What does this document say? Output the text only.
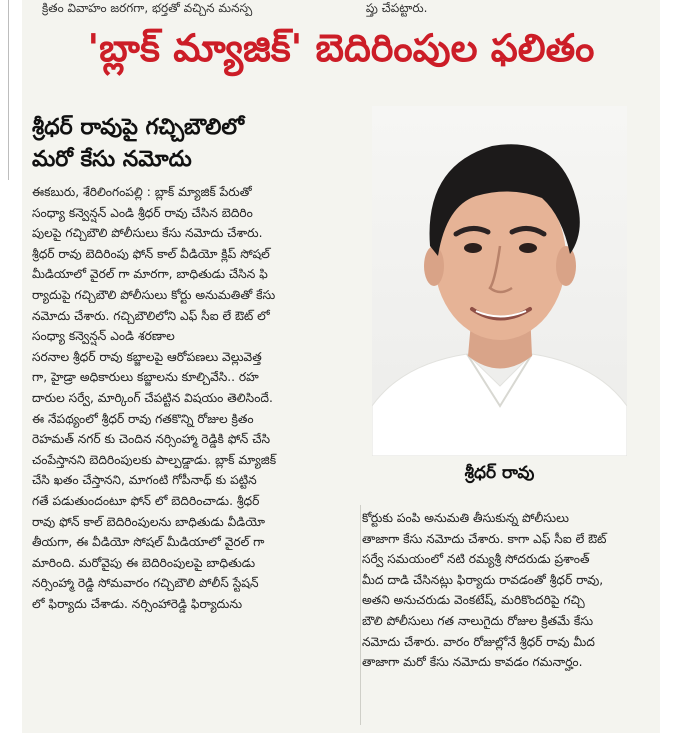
క్రితం వివాహం జరగగా, భర్తతో వచ్చిన మనస్ప	ప్తు చేపట్టారు.
'బ్లాక్ మ్యాజిక్' బెదిరింపుల ఫలితం
శ్రీధర్ రావుపై గచ్చిబౌలిలో
మరో కేసు నమోదు

ఈకబురు, శేరిలింగంపల్లి : బ్లాక్ మ్యాజిక్ పేరుతో
సంధ్యా కన్వెన్షన్ ఎండి శ్రీధర్ రావు చేసిన బెదిరిం
పులపై గచ్చిబౌలి పోలీసులు కేసు నమోదు చేశారు.
శ్రీధర్ రావు బెదిరింపు ఫోన్ కాల్ వీడియో క్లిప్ సోషల్
మీడియాలో వైరల్ గా మారగా, బాధితుడు చేసిన ఫి
ర్యాదుపై గచ్చిబౌలి పోలీసులు కోర్టు అనుమతితో కేసు
నమోదు చేశారు. గచ్చిబౌలిలోని ఎఫ్ సీఐ లే ఔట్ లో
సంధ్యా కన్వెన్షన్ ఎండి శరణాల
సరనాల శ్రీధర్ రావు కబ్జాలపై ఆరోపణలు వెల్లువెత్త
గా, హైడ్రా అధికారులు కబ్జాలను కూల్చివేసి.. రహ
దారుల సర్వే, మార్కింగ్ చేపట్టిన విషయం తెలిసిందే.
ఈ నేపథ్యంలో శ్రీధర్ రావు గతకొన్ని రోజుల క్రితం
రెహమత్ నగర్ కు చెందిన నర్సింహ్మా రెడ్డికి ఫోన్ చేసి
చంపేస్తానని బెదిరింపులకు పాల్పడ్డాడు. బ్లాక్ మ్యాజిక్
చేసి ఖతం చేస్తానని, మాగంటి గోపీనాథ్ కు పట్టిన
గతే పడుతుందంటూ ఫోన్ లో బెదిరించాడు. శ్రీధర్
రావు ఫోన్ కాల్ బెదిరింపులను బాధితుడు వీడియో
తీయగా, ఈ వీడియో సోషల్ మీడియాలో వైరల్ గా
మారింది. మరోవైపు ఈ బెదిరింపులపై బాధితుడు
నర్సింహ్మా రెడ్డి సోమవారం గచ్చిబౌలి పోలీస్ స్టేషన్
లో ఫిర్యాదు చేశాడు. నర్సింహారెడ్డి ఫిర్యాదును

శ్రీధర్ రావు

కోర్టుకు పంపి అనుమతి తీసుకున్న పోలీసులు
తాజాగా కేసు నమోదు చేశారు. కాగా ఎఫ్ సీఐ లే ఔట్
సర్వే సమయంలో నటి రమ్యశ్రీ సోదరుడు ప్రశాంత్
మీద దాడి చేసినట్లు ఫిర్యాదు రావడంతో శ్రీధర్ రావు,
అతని అనుచరుడు వెంకటేష్, మరికొందరిపై గచ్చి
బౌలి పోలీసులు గత నాలుగైదు రోజుల క్రితమే కేసు
నమోదు చేశారు. వారం రోజుల్లోనే శ్రీధర్ రావు మీద
తాజాగా మరో కేసు నమోదు కావడం గమనార్హం.
